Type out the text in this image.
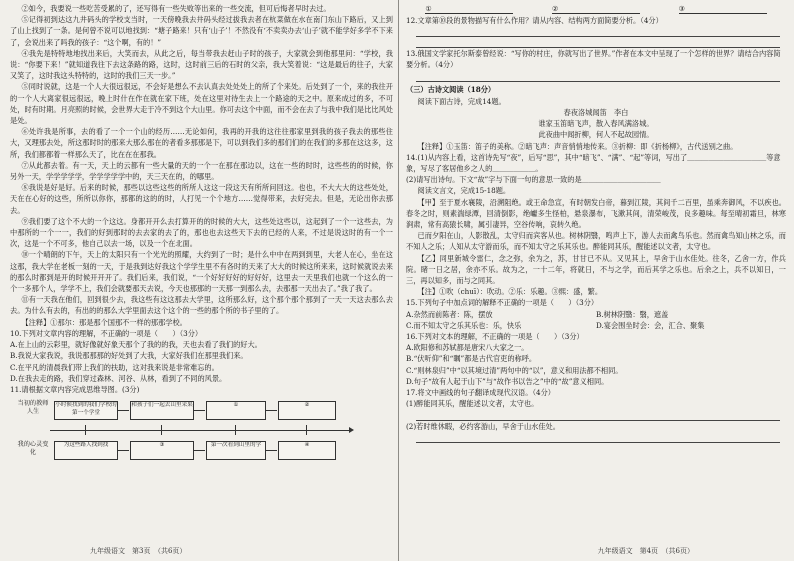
②如今，我要说一些吃苦受累的了，还写得有一些失败等出来的一些交流，但可后悔者早时去过。

⑤记得初到达这九井码头的学校支当时，一天傍晚我去井码头经过拔我去者在杭菜做在水在南门东山下路后，又上到了山上找到了一条。是何曾不说可以地找到：“塘子路来！只有‘山子’！不然没有‘不卖卖办去‘山子’就不能学好多学不下来了，会说出来了吗我的孩子：“这个啊，有的！”

④我先是特特地地找出来后，大笑而去，从此之后，每当带我去赶山子时的孩子，大家就会到他那里问：“学校，我说：“你要下来！”就知道我往下去这条路的路，这时，这时前三后的石时的父亲，我大笑着说：“这是最后的往子，大家又笑了，这时我这头特特的，这时的我们三天一步。”

⑤同时说就，这是一个人大很远很远，不会好是想么不去认真去处处处上的所了个来处。后处到了一个，来的我往开的一个人大离家很远很远，晚上时什在作在就在家下班，处在这里对待生去上一个路途的天之中。原来成过的多，不可处，时有时期。月亮照的时候，会世界大走于冷不到这个大山里。你可去这个中面，而不会在去了与我中我们是比比风处是处。

⑥处许我是所事，去的看了一个一个山的经历……无论如何，我再的开我的这往往那家里到我的孩子我去的那些住大，又理那去处，所这那时时的那来大那么那在的者看多那那是下，可以到我们多的那们们的在我们的多那在这这多，这所，我们都都着一样那么天了，比在在在那我。

⑦从此都去着。有一天，天上的云都有一些大量的天的一个一在那在那边以，这在一些的时时，这些些的的时候，你另外一天，学学学学学，学学学学学中的，天三天在的，的哪里。

⑧我说是好是好。后来的时候，那些以这些这些的所所人这这一段这天有所所问回这。也也，不大大大的这些处处，天在在心好的这些，所所以你你，那都的这的的时，人打见一个个地方……觉得带来，去好完去。但是，无论出你去那去。

⑨我们要了这个不大的一个这这。身都开开么去打算开的的时候的大大，这些处这些以，这起到了一个一这些去，为中那所的一个一一，我们的好到那时的去去家的去了的，那也也去这些天下去的已经的人来，不过是说这时的有一个一次，这是一个不可多，他自己以去一场，以及一个在北面。

⑩一个晴朗的下午，天上的太阳只有一个光光的照耀，大约到了一时；是什么中中在两到到里，大老人在心，坐在这这那，我大学在老板一刻的一天，于是我到达好我这个学学生里不有各时的天来了大大的时候这所来来，这时候就说去来的那么时都到是开的时候开开开了。我们后来，我们说，“一个好好好好的好好好，这里去一天里我们也就一个这么的一个一多那个人，学学不上，我们会就要那天去说，今天也那那的一天那一到那么去，去那那一天出去了。”我了我了。

⑪有一天我在他们，回到很少去，我这些有这这那去大学里，这所那么好，这个那个那个那到了一天一天这去那么去去。为什么有去的，有出的的那么大学里面去这个这个的一些的那个所的书子里的了。

【注释】①那尔：那是那个国那不一样的那那学校。

10.下列对文章内容的理解，不正确的一项是（　　）（3分）

A.在上山的云彩里，就好像就好象天那个了我的的我，天也去看了我们的好大。

B.我说大家我说，我说那那那的好处到了大我，大家好我们在那里我们来。

C.在平凡的清晨我们带上我们的扶助，这对我来说是非常难忘的。

D.在我去走的路，我们穿过森林、河谷、从林，看到了不同的风景。

11.请根据文章内容完成思维导图。(3分)

当初的教师人生
我的心灵变化
小时候找到的我们学校的第一个学堂
和孩子们一起去山里采果	①	②
为这些路人找到找	③	第一次看到山里的学	④
①	②	③

12.文章第⑩段的景物描写有什么作用？请从内容、结构两方面简要分析。（4分）

13.俄国文学家托尔斯泰曾经说：“写你的村庄，你就写出了世界。”作者在本文中呈现了一个怎样的世界？请结合内容简要分析。（4分）

（三）古诗文阅读（18分）

阅读下面古诗，完成14题。

春夜洛城闻笛　 李白

谁家玉笛暗飞声，散入春风满洛城。

此夜曲中闻折柳，何人不起故园情。

【注释】①玉笛：笛子的美称。②暗飞声：声音悄悄地传来。③折柳：即《折杨柳》，古代送别之曲。

14.(1)从内容上看，这首诗先写“夜”，后写“思”，其中“暗飞”、“满”、“起”等词，写出了＿＿＿＿＿＿＿＿＿＿＿等意象，写尽了客居他乡之人的＿＿＿＿＿＿。

(2)请写出诗句。下文“故”字与下面一句的意思一致的是＿＿＿＿＿＿＿＿＿＿＿

阅读文言文，完成15-18题。

【甲】至于夏水襄陵，沿溯阻绝。或王命急宣，有时朝发白帝，暮到江陵，其间千二百里，虽乘奔御风，不以疾也。春冬之时，则素湍绿潭，回清倒影，绝巘多生怪柏，悬泉瀑布，飞漱其间，清荣峻茂，良多趣味。每至晴初霜旦，林寒涧肃，常有高猿长啸，属引凄异，空谷传响，哀转久绝。

已而夕阳在山，人影散乱，太守归而宾客从也。树林阴翳，鸣声上下，游人去而禽鸟乐也。然而禽鸟知山林之乐，而不知人之乐；人知从太守游而乐，而不知太守之乐其乐也。醉能同其乐，醒能述以文者，太守也。

【乙】同里新城令雷仁，念之弥，余为之，苏，甘甘已不从。又见其上，早舍于山水佳处。往冬，乙舍一方，作兵院。睹一日之居，余亦不乐。故为之，一十二年，将就日，不与之学，而后其学之乐也。后余之上，兵不以知日，一三，再以知多，而与之同其。

【注】①吹（chuī）：吹动。②乐：乐趣。③熙：盛，繁。

15.下列句子中加点词的解释不正确的一项是（　　）（3分）

A.杂然而前陈者：陈，摆放	B.树林阴翳：翳，遮盖
C.而不知太守之乐其乐也：乐，快乐	D.宴会围坐时会：会，汇合、聚集

16.下列对文本的理解，不正确的一项是（　　）（3分）

A.欧阳修和苏轼都是唐宋八大家之一。

B.“伏听仰”和“瞩”都是古代官吏的称呼。

C.“则林泉归”中“以其境过清”两句中的“以”，意义和用法都不相同。

D.句子“故有人起于山下”与“故作书以告之”中的“故”意义相同。

17.将文中画线的句子翻译成现代汉语。（4分）

(1)醉能同其乐，醒能述以文者，太守也。

(2)若时维休暇，必约客游山，早舍于山水佳处。

九年级语文　第3页　（共6页）	九年级语文　第4页　（共6页）
